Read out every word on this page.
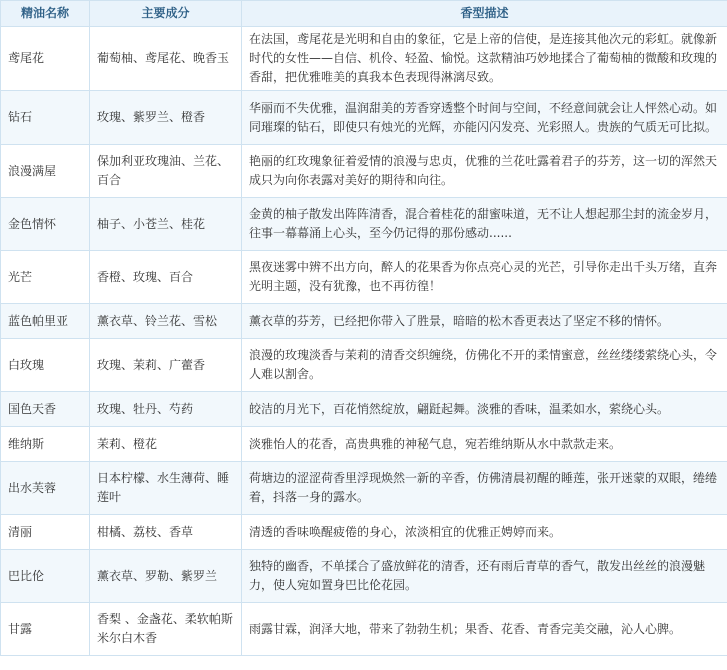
精油名称	主要成分	香型描述
鸢尾花	葡萄柚、鸢尾花、晚香玉	在法国，鸢尾花是光明和自由的象征，它是上帝的信使，是连接其他次元的彩虹。就像新时代的女性——自信、机伶、轻盈、愉悦。这款精油巧妙地揉合了葡萄柚的微酸和玫瑰的香甜，把优雅唯美的真我本色表现得淋漓尽致。
钻石	玫瑰、紫罗兰、橙香	华丽而不失优雅，温润甜美的芳香穿透整个时间与空间，不经意间就会让人怦然心动。如同璀璨的钻石，即使只有烛光的光辉，亦能闪闪发亮、光彩照人。贵族的气质无可比拟。
浪漫满屋	保加利亚玫瑰油、兰花、百合	艳丽的红玫瑰象征着爱情的浪漫与忠贞，优雅的兰花吐露着君子的芬芳，这一切的浑然天成只为向你表露对美好的期待和向往。
金色情怀	柚子、小苍兰、桂花	金黄的柚子散发出阵阵清香，混合着桂花的甜蜜味道，无不让人想起那尘封的流金岁月，往事一幕幕涌上心头，至今仍记得的那份感动......
光芒	香橙、玫瑰、百合	黑夜迷雾中辨不出方向，醉人的花果香为你点亮心灵的光芒，引导你走出千头万绪，直奔光明主题，没有犹豫，也不再彷徨！
蓝色帕里亚	薰衣草、铃兰花、雪松	薰衣草的芬芳，已经把你带入了胜景，暗暗的松木香更表达了坚定不移的情怀。
白玫瑰	玫瑰、茉莉、广藿香	浪漫的玫瑰淡香与茉莉的清香交织缠绕，仿佛化不开的柔情蜜意，丝丝缕缕萦绕心头，令人难以割舍。
国色天香	玫瑰、牡丹、芍药	皎洁的月光下，百花悄然绽放，翩跹起舞。淡雅的香味，温柔如水，萦绕心头。
维纳斯	茉莉、橙花	淡雅怡人的花香，高贵典雅的神秘气息，宛若维纳斯从水中款款走来。
出水芙蓉	日本柠檬、水生薄荷、睡莲叶	荷塘边的涩涩荷香里浮现焕然一新的辛香，仿佛清晨初醒的睡莲，张开迷蒙的双眼，绻绻着，抖落一身的露水。
清丽	柑橘、荔枝、香草	清透的香味唤醒疲倦的身心，浓淡相宜的优雅正娉婷而来。
巴比伦	薰衣草、罗勒、紫罗兰	独特的幽香，不单揉合了盛放鲜花的清香，还有雨后青草的香气，散发出丝丝的浪漫魅力，使人宛如置身巴比伦花园。
甘露	香梨 、金盏花、柔软帕斯米尔白木香	雨露甘霖，润泽大地，带来了勃勃生机；果香、花香、青香完美交融，沁人心脾。
